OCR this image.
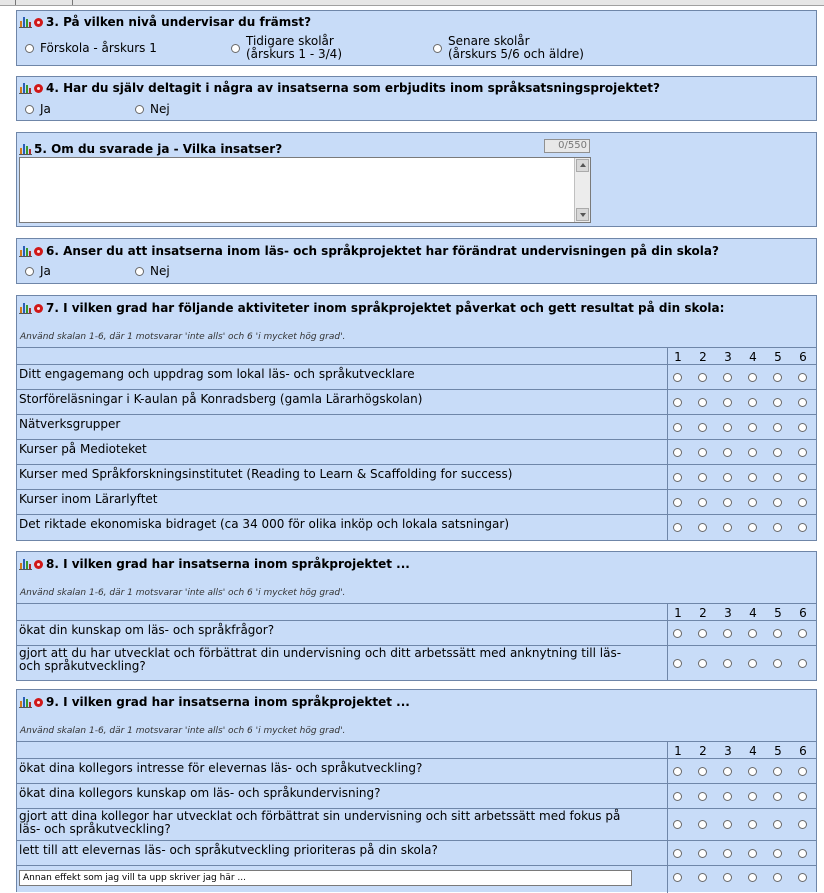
3. På vilken nivå undervisar du främst?
Förskola - årskurs 1	Tidigare skolår
(årskurs 1 - 3/4)
Senare skolår
(årskurs 5/6 och äldre)
4. Har du själv deltagit i några av insatserna som erbjudits inom språksatsningsprojektet?
Ja	Nej
5. Om du svarade ja - Vilka insatser?	0/550
6. Anser du att insatserna inom läs- och språkprojektet har förändrat undervisningen på din skola?
Ja	Nej
7. I vilken grad har följande aktiviteter inom språkprojektet påverkat och gett resultat på din skola:
Använd skalan 1-6, där 1 motsvarar 'inte alls' och 6 'i mycket hög grad'.
1 2 3 4 5 6
Ditt engagemang och uppdrag som lokal läs- och språkutvecklare
Storföreläsningar i K-aulan på Konradsberg (gamla Lärarhögskolan)
Nätverksgrupper
Kurser på Medioteket
Kurser med Språkforskningsinstitutet (Reading to Learn & Scaffolding for success)
Kurser inom Lärarlyftet
Det riktade ekonomiska bidraget (ca 34 000 för olika inköp och lokala satsningar)
8. I vilken grad har insatserna inom språkprojektet ...
Använd skalan 1-6, där 1 motsvarar 'inte alls' och 6 'i mycket hög grad'.
1 2 3 4 5 6
ökat din kunskap om läs- och språkfrågor?
gjort att du har utvecklat och förbättrat din undervisning och ditt arbetssätt med anknytning till läs-
och språkutveckling?
9. I vilken grad har insatserna inom språkprojektet ...
Använd skalan 1-6, där 1 motsvarar 'inte alls' och 6 'i mycket hög grad'.
1 2 3 4 5 6
ökat dina kollegors intresse för elevernas läs- och språkutveckling?
ökat dina kollegors kunskap om läs- och språkundervisning?
gjort att dina kollegor har utvecklat och förbättrat sin undervisning och sitt arbetssätt med fokus på
läs- och språkutveckling?
lett till att elevernas läs- och språkutveckling prioriteras på din skola?
Annan effekt som jag vill ta upp skriver jag här ...
